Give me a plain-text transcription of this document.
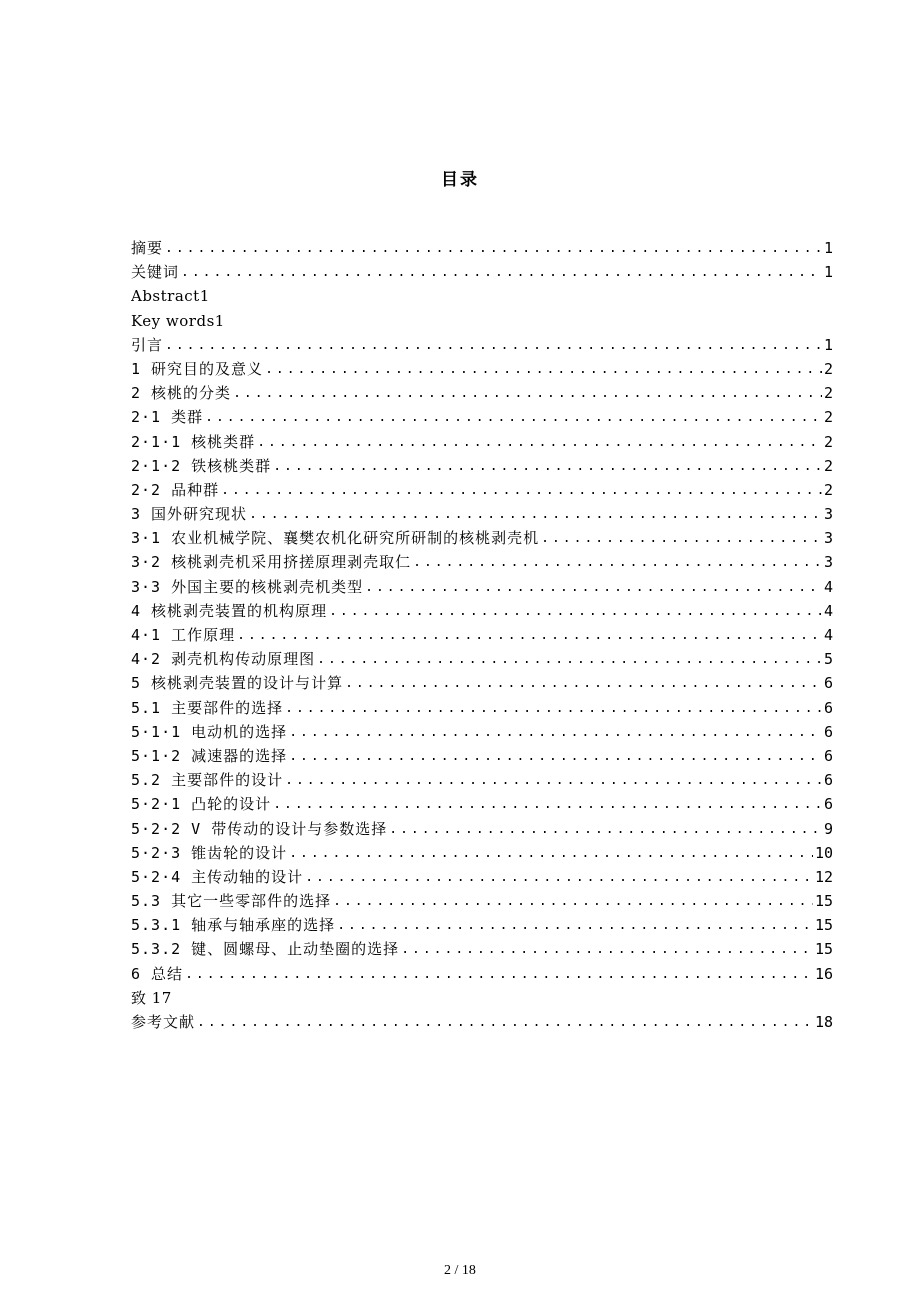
目录
摘要 .....	1
关键词 .....	1
Abstract1
Key words1
引言 .....	1
1 研究目的及意义 .....	2
2 核桃的分类 .....	2
2·1 类群 .....	2
2·1·1 核桃类群 .....	2
2·1·2 铁核桃类群 .....	2
2·2 品种群 .....	2
3 国外研究现状 .....	3
3·1 农业机械学院、襄樊农机化研究所研制的核桃剥壳机 .....	3
3·2 核桃剥壳机采用挤搓原理剥壳取仁 .....	3
3·3 外国主要的核桃剥壳机类型 .....	4
4 核桃剥壳装置的机构原理 .....	4
4·1 工作原理 .....	4
4·2 剥壳机构传动原理图 .....	5
5 核桃剥壳装置的设计与计算 .....	6
5.1 主要部件的选择 .....	6
5·1·1 电动机的选择 .....	6
5·1·2 减速器的选择 .....	6
5.2 主要部件的设计 .....	6
5·2·1 凸轮的设计 .....	6
5·2·2 V 带传动的设计与参数选择 .....	9
5·2·3 锥齿轮的设计 .....	10
5·2·4 主传动轴的设计 .....	12
5.3 其它一些零部件的选择 .....	15
5.3.1 轴承与轴承座的选择 .....	15
5.3.2 键、圆螺母、止动垫圈的选择 .....	15
6 总结 .....	16
致 17
参考文献 .....	18
2 / 18
